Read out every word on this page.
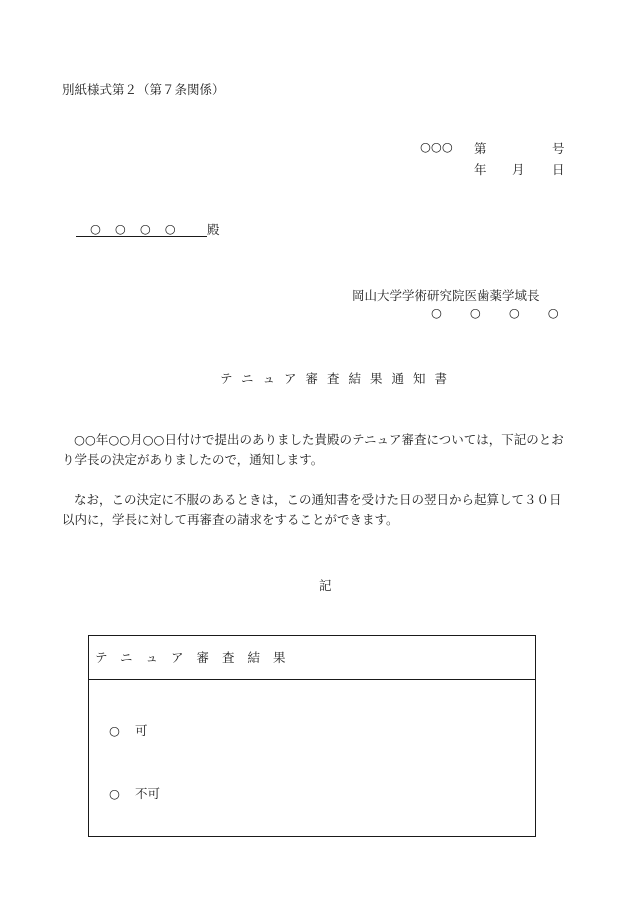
別紙様式第２（第７条関係）
○○○ 第	号
年 月 日
○○○○	殿
岡山大学学術研究院医歯薬学域長
○○○○
テニュア審査結果通知書
○○年○○月○○日付けで提出のありました貴殿のテニュア審査については，下記のとおり学長の決定がありましたので，通知します。
なお，この決定に不服のあるときは，この通知書を受けた日の翌日から起算して３０日以内に，学長に対して再審査の請求をすることができます。
記
テニュア審査結果
○ 可
○ 不可
